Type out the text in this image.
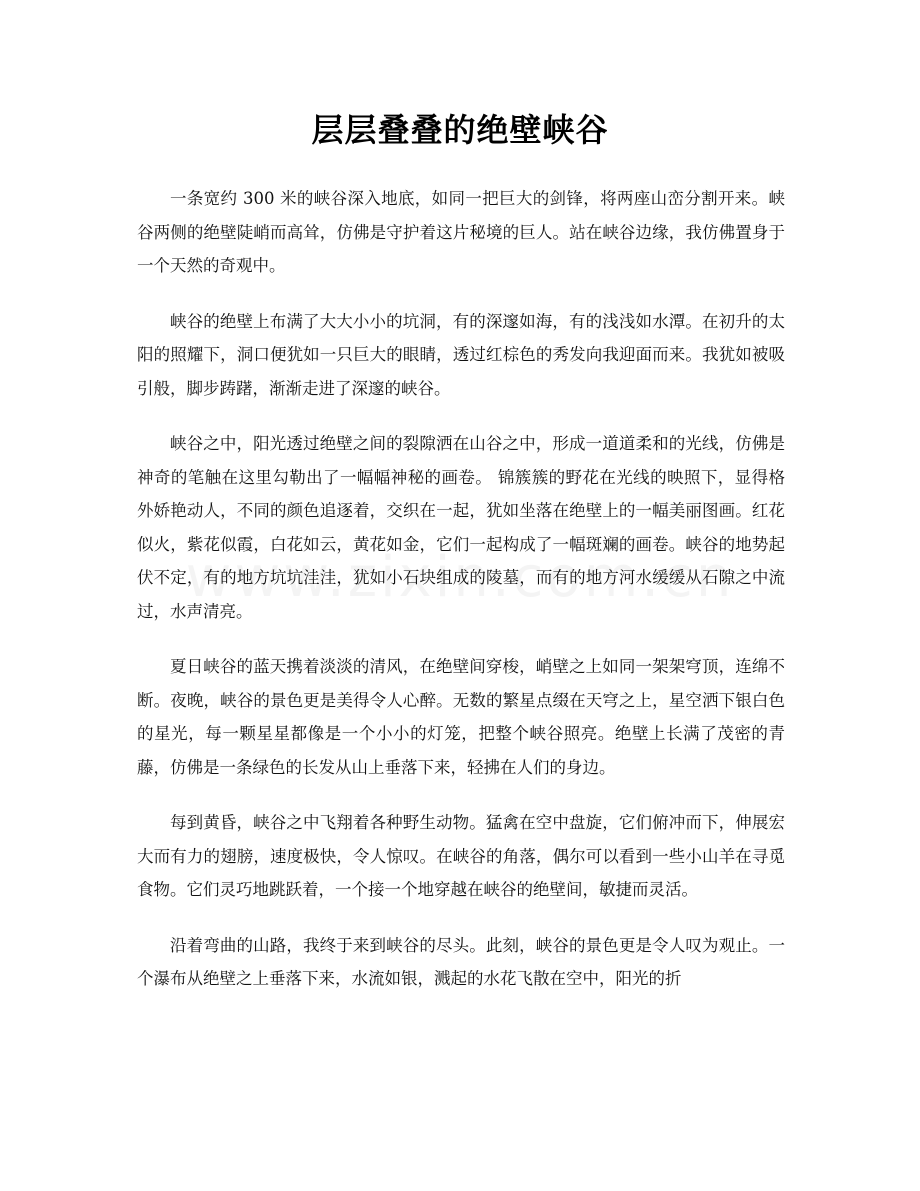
层层叠叠的绝壁峡谷

一条宽约 300 米的峡谷深入地底，如同一把巨大的剑锋，将两座山峦分割开来。峡谷两侧的绝壁陡峭而高耸，仿佛是守护着这片秘境的巨人。站在峡谷边缘，我仿佛置身于一个天然的奇观中。

峡谷的绝壁上布满了大大小小的坑洞，有的深邃如海，有的浅浅如水潭。在初升的太阳的照耀下，洞口便犹如一只巨大的眼睛，透过红棕色的秀发向我迎面而来。我犹如被吸引般，脚步踌躇，渐渐走进了深邃的峡谷。

峡谷之中，阳光透过绝壁之间的裂隙洒在山谷之中，形成一道道柔和的光线，仿佛是神奇的笔触在这里勾勒出了一幅幅神秘的画卷。 锦簇簇的野花在光线的映照下，显得格外娇艳动人，不同的颜色追逐着，交织在一起，犹如坐落在绝壁上的一幅美丽图画。红花似火，紫花似霞，白花如云，黄花如金，它们一起构成了一幅斑斓的画卷。峡谷的地势起伏不定，有的地方坑坑洼洼，犹如小石块组成的陵墓，而有的地方河水缓缓从石隙之中流过，水声清亮。

夏日峡谷的蓝天携着淡淡的清风，在绝壁间穿梭，峭壁之上如同一架架穹顶，连绵不断。夜晚，峡谷的景色更是美得令人心醉。无数的繁星点缀在天穹之上，星空洒下银白色的星光，每一颗星星都像是一个小小的灯笼，把整个峡谷照亮。绝壁上长满了茂密的青藤，仿佛是一条绿色的长发从山上垂落下来，轻拂在人们的身边。

每到黄昏，峡谷之中飞翔着各种野生动物。猛禽在空中盘旋，它们俯冲而下，伸展宏大而有力的翅膀，速度极快，令人惊叹。在峡谷的角落，偶尔可以看到一些小山羊在寻觅食物。它们灵巧地跳跃着，一个接一个地穿越在峡谷的绝壁间，敏捷而灵活。

沿着弯曲的山路，我终于来到峡谷的尽头。此刻，峡谷的景色更是令人叹为观止。一个瀑布从绝壁之上垂落下来，水流如银，溅起的水花飞散在空中，阳光的折
